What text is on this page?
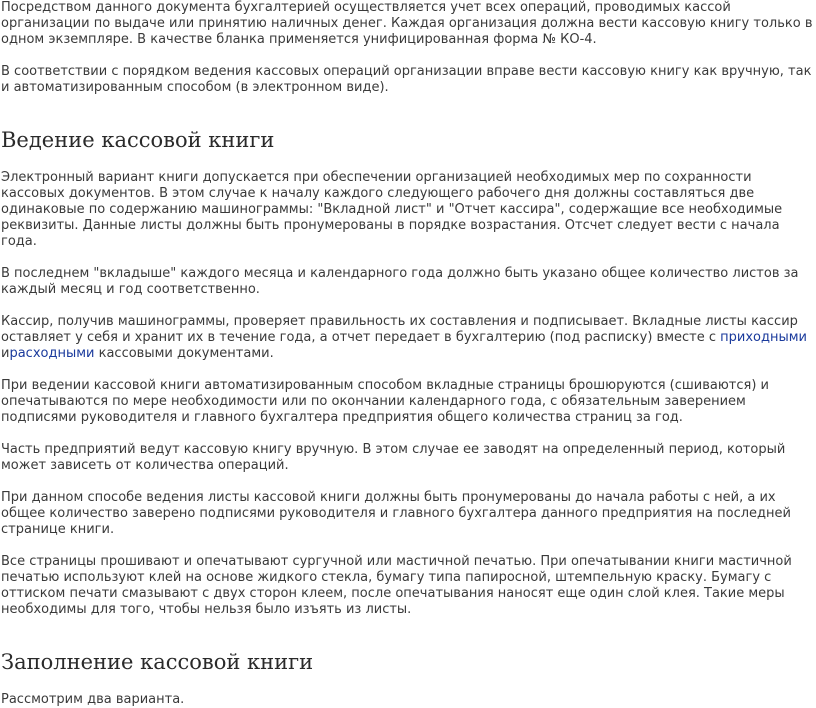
Посредством данного документа бухгалтерией осуществляется учет всех операций, проводимых кассой организации по выдаче или принятию наличных денег. Каждая организация должна вести кассовую книгу только в одном экземпляре. В качестве бланка применяется унифицированная форма № КО-4.

В соответствии с порядком ведения кассовых операций организации вправе вести кассовую книгу как вручную, так и автоматизированным способом (в электронном виде).

Ведение кассовой книги

Электронный вариант книги допускается при обеспечении организацией необходимых мер по сохранности кассовых документов. В этом случае к началу каждого следующего рабочего дня должны составляться две одинаковые по содержанию машинограммы: "Вкладной лист" и "Отчет кассира", содержащие все необходимые реквизиты. Данные листы должны быть пронумерованы в порядке возрастания. Отсчет следует вести с начала года.

В последнем "вкладыше" каждого месяца и календарного года должно быть указано общее количество листов за каждый месяц и год соответственно.

Кассир, получив машинограммы, проверяет правильность их составления и подписывает. Вкладные листы кассир оставляет у себя и хранит их в течение года, а отчет передает в бухгалтерию (под расписку) вместе с приходными ирасходными кассовыми документами.

При ведении кассовой книги автоматизированным способом вкладные страницы брошюруются (сшиваются) и опечатываются по мере необходимости или по окончании календарного года, с обязательным заверением подписями руководителя и главного бухгалтера предприятия общего количества страниц за год.

Часть предприятий ведут кассовую книгу вручную. В этом случае ее заводят на определенный период, который может зависеть от количества операций.

При данном способе ведения листы кассовой книги должны быть пронумерованы до начала работы с ней, а их общее количество заверено подписями руководителя и главного бухгалтера данного предприятия на последней странице книги.

Все страницы прошивают и опечатывают сургучной или мастичной печатью. При опечатывании книги мастичной печатью используют клей на основе жидкого стекла, бумагу типа папиросной, штемпельную краску. Бумагу с оттиском печати смазывают с двух сторон клеем, после опечатывания наносят еще один слой клея. Такие меры необходимы для того, чтобы нельзя было изъять из листы.

Заполнение кассовой книги

Рассмотрим два варианта.
